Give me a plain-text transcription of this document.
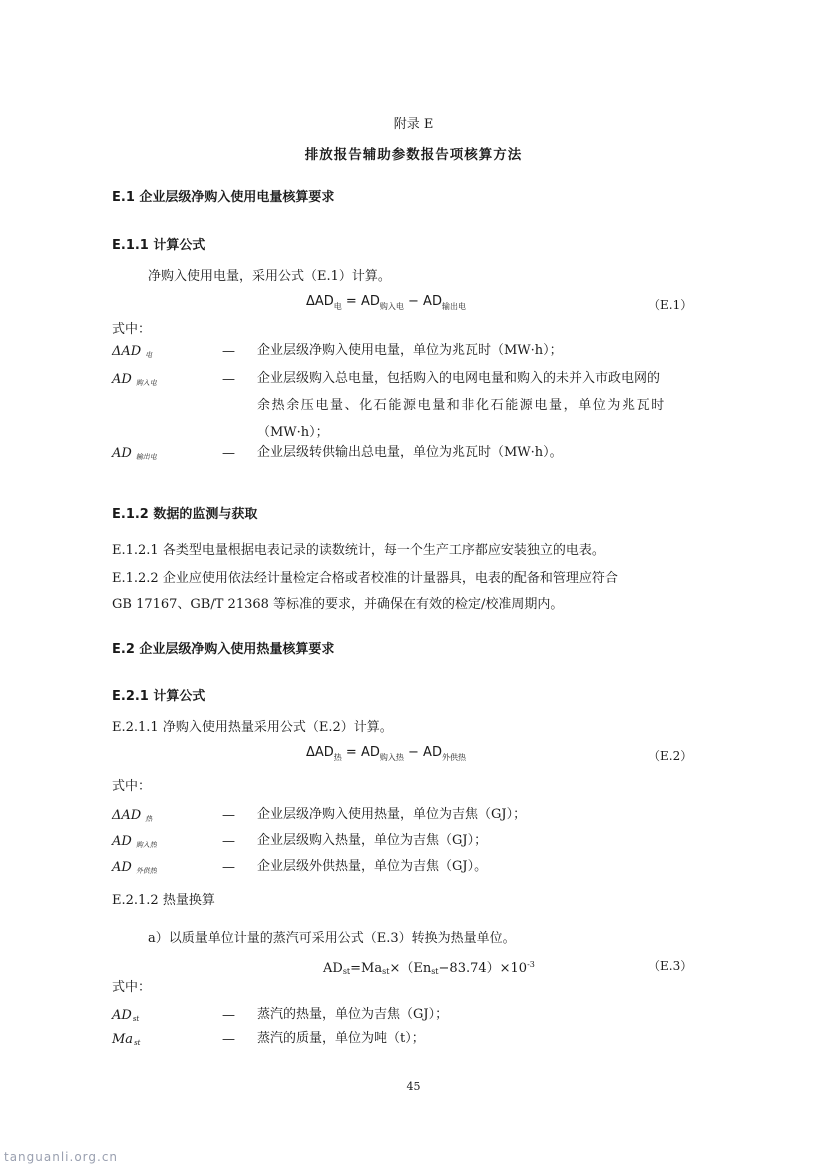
附录 E
排放报告辅助参数报告项核算方法
E.1 企业层级净购入使用电量核算要求
E.1.1 计算公式
净购入使用电量，采用公式（E.1）计算。
$\Delta AD_电 = AD_{购入电} - AD_{输出电}$	（E.1）
式中：
ΔAD 电	— 企业层级净购入使用电量，单位为兆瓦时（MW·h）；
AD 购入电	— 企业层级购入总电量，包括购入的电网电量和购入的未并入市政电网的
余热余压电量、化石能源电量和非化石能源电量，单位为兆瓦时
（MW·h）；
AD 输出电	— 企业层级转供输出总电量，单位为兆瓦时（MW·h）。
E.1.2 数据的监测与获取
E.1.2.1 各类型电量根据电表记录的读数统计，每一个生产工序都应安装独立的电表。
E.1.2.2 企业应使用依法经计量检定合格或者校准的计量器具，电表的配备和管理应符合
GB 17167、GB/T 21368 等标准的要求，并确保在有效的检定/校准周期内。
E.2 企业层级净购入使用热量核算要求
E.2.1 计算公式
E.2.1.1 净购入使用热量采用公式（E.2）计算。
$\Delta AD_热 = AD_{购入热} - AD_{外供热}$	（E.2）
式中：
ΔAD 热	— 企业层级净购入使用热量，单位为吉焦（GJ）；
AD 购入热	— 企业层级购入热量，单位为吉焦（GJ）；
AD 外供热	— 企业层级外供热量，单位为吉焦（GJ）。
E.2.1.2 热量换算
a）以质量单位计量的蒸汽可采用公式（E.3）转换为热量单位。
$ADst=Mast\times(Enst-83.74)\times 10^{-3}$	（E.3）
式中：
ADst	— 蒸汽的热量，单位为吉焦（GJ）；
Mast	— 蒸汽的质量，单位为吨（t）；
45
tanguanli.org.cn
